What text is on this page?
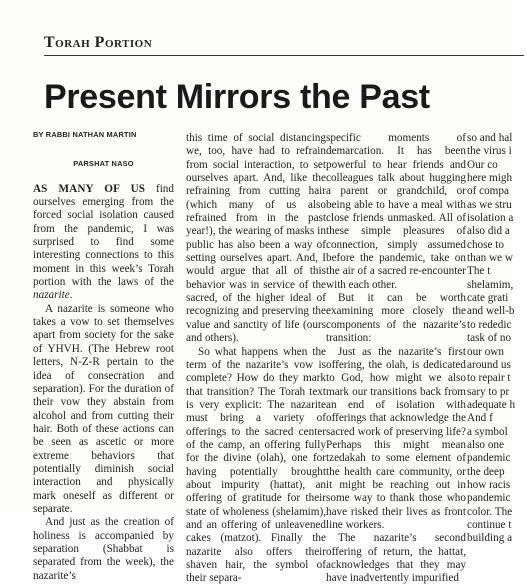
Torah Portion
Present Mirrors the Past
BY RABBI NATHAN MARTIN
PARSHAT NASO

AS MANY OF US find ourselves emerging from the forced social isolation caused from the pandemic, I was surprised to find some interesting connections to this moment in this week’s Torah portion with the laws of the nazarite.

A nazarite is someone who takes a vow to set themselves apart from society for the sake of YHVH. (The Hebrew root letters, N-Z-R pertain to the idea of consecration and separation). For the duration of their vow they abstain from alcohol and from cutting their hair. Both of these actions can be seen as ascetic or more extreme behaviors that potentially diminish social interaction and physically mark oneself as different or separate.

And just as the creation of holiness is accompanied by separation (Shabbat is separated from the week), the nazarite’s

this time of social distancing we, too, have had to refrain from social interaction, to set ourselves apart. And, like the refraining from cutting hair (which many of us also refrained from in the past year!), the wearing of masks in public has also been a way of setting ourselves apart. And, I would argue that all of this behavior was in service of the sacred, of the higher ideal of recognizing and preserving the value and sanctity of life (ours and others).

So what happens when the term of the nazarite’s vow is complete? How do they mark that transition? The Torah text is very explicit: The nazarite must bring a variety of offerings to the sacred center of the camp, an offering fully for the divine (olah), one for having potentially brought about impurity (hattat), an offering of gratitude for their state of wholeness (shelamim), and an offering of unleavened cakes (matzot). Finally the nazarite also offers their shaven hair, the symbol of their separa-

specific moments of demarcation. It has been powerful to hear friends and colleagues talk about hugging a parent or grandchild, or being able to have a meal with close friends unmasked. All of these simple pleasures of connection, simply assumed before the pandemic, take on the air of a sacred re-encounter with each other.

But it can be worth examining more closely the components of the nazarite’s transition:

Just as the nazarite’s first offering, the olah, is dedicated to God, how might we also mark our transitions back from an end of isolation with offerings that acknowledge the sacred work of preserving life? Perhaps this might mean tzedakah to some element of the health care community, or it might be reaching out in some way to thank those who have risked their lives as front line workers.

The nazarite’s second offering of return, the hattat, acknowledges that they may have inadvertently impurified

so and hal

the virus i

Our co

here migh

of compa

as we stru

isolation a

also did a

chose to

than we w

The t

shelamim,

cate grati

and well-b

to rededic

task of no

our own

around us

to repair t

sary to pr

adequate h

And f

a symbol

also one

pandemic

the deep

how racis

pandemic

color. The

continue t

building a
